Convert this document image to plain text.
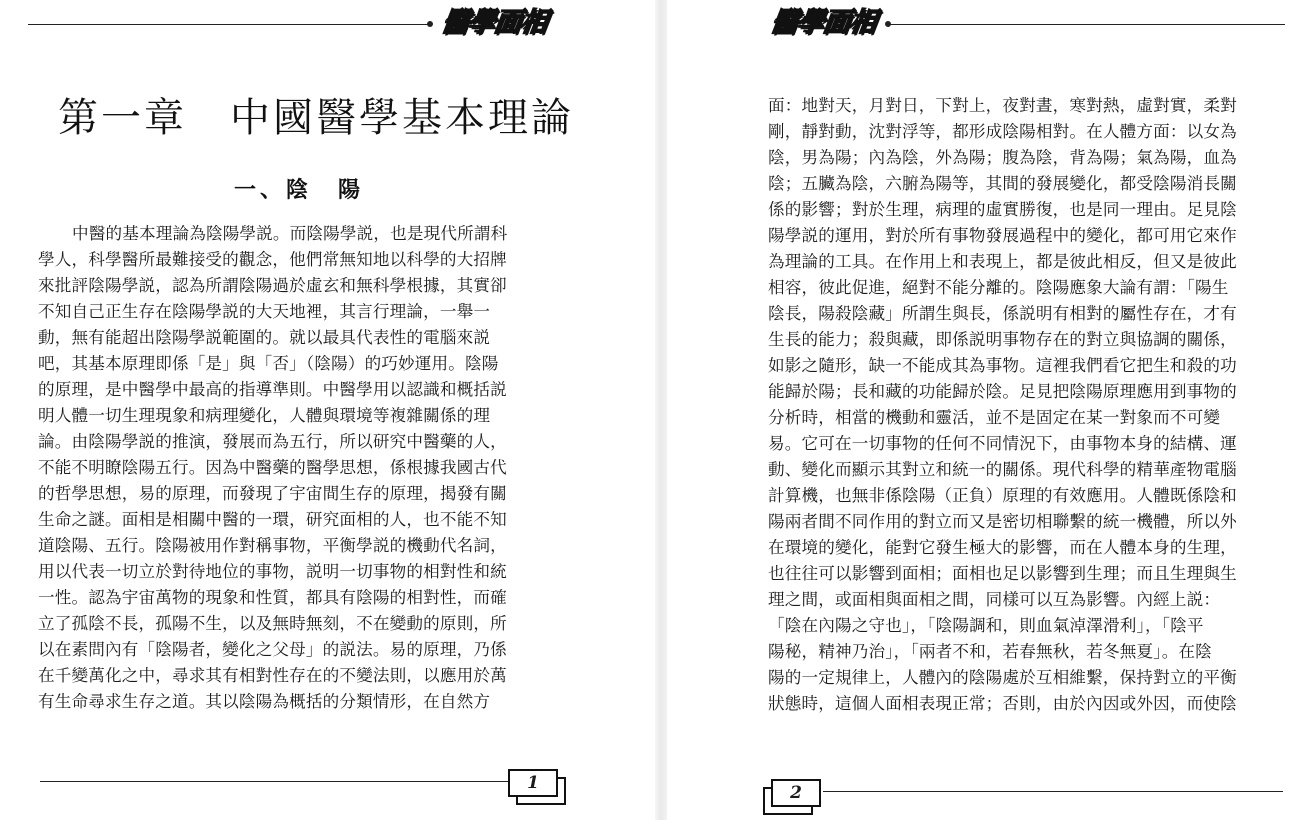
醫學面相
第一章　中國醫學基本理論
一、陰　陽
中醫的基本理論為陰陽學説。而陰陽學説，也是現代所謂科
學人，科學醫所最難接受的觀念，他們常無知地以科學的大招牌
來批評陰陽學説，認為所謂陰陽過於虛玄和無科學根據，其實卻
不知自己正生存在陰陽學説的大天地裡，其言行理論，一舉一
動，無有能超出陰陽學説範圍的。就以最具代表性的電腦來説
吧，其基本原理即係「是」與「否」（陰陽）的巧妙運用。陰陽
的原理，是中醫學中最高的指導準則。中醫學用以認識和概括説
明人體一切生理現象和病理變化，人體與環境等複雜關係的理
論。由陰陽學説的推演，發展而為五行，所以研究中醫藥的人，
不能不明瞭陰陽五行。因為中醫藥的醫學思想，係根據我國古代
的哲學思想，易的原理，而發現了宇宙間生存的原理，揭發有關
生命之謎。面相是相關中醫的一環，研究面相的人，也不能不知
道陰陽、五行。陰陽被用作對稱事物，平衡學説的機動代名詞，
用以代表一切立於對待地位的事物，説明一切事物的相對性和統
一性。認為宇宙萬物的現象和性質，都具有陰陽的相對性，而確
立了孤陰不長，孤陽不生，以及無時無刻，不在變動的原則，所
以在素問內有「陰陽者，變化之父母」的説法。易的原理，乃係
在千變萬化之中，尋求其有相對性存在的不變法則，以應用於萬
有生命尋求生存之道。其以陰陽為概括的分類情形，在自然方
1
醫學面相
面：地對天，月對日，下對上，夜對晝，寒對熱，虛對實，柔對
剛，靜對動，沈對浮等，都形成陰陽相對。在人體方面：以女為
陰，男為陽；內為陰，外為陽；腹為陰，背為陽；氣為陽，血為
陰；五臟為陰，六腑為陽等，其間的發展變化，都受陰陽消長關
係的影響；對於生理，病理的虛實勝復，也是同一理由。足見陰
陽學説的運用，對於所有事物發展過程中的變化，都可用它來作
為理論的工具。在作用上和表現上，都是彼此相反，但又是彼此
相容，彼此促進，絕對不能分離的。陰陽應象大論有謂：「陽生
陰長，陽殺陰藏」所謂生與長，係説明有相對的屬性存在，才有
生長的能力；殺與藏，即係説明事物存在的對立與協調的關係，
如影之隨形，缺一不能成其為事物。這裡我們看它把生和殺的功
能歸於陽；長和藏的功能歸於陰。足見把陰陽原理應用到事物的
分析時，相當的機動和靈活，並不是固定在某一對象而不可變
易。它可在一切事物的任何不同情況下，由事物本身的結構、運
動、變化而顯示其對立和統一的關係。現代科學的精華產物電腦
計算機，也無非係陰陽（正負）原理的有效應用。人體既係陰和
陽兩者間不同作用的對立而又是密切相聯繫的統一機體，所以外
在環境的變化，能對它發生極大的影響，而在人體本身的生理，
也往往可以影響到面相；面相也足以影響到生理；而且生理與生
理之間，或面相與面相之間，同樣可以互為影響。內經上説：
「陰在內陽之守也」，「陰陽調和，則血氣淖澤滑利」，「陰平
陽秘，精神乃治」，「兩者不和，若春無秋，若冬無夏」。在陰
陽的一定規律上，人體內的陰陽處於互相維繫，保持對立的平衡
狀態時，這個人面相表現正常；否則，由於內因或外因，而使陰
2
